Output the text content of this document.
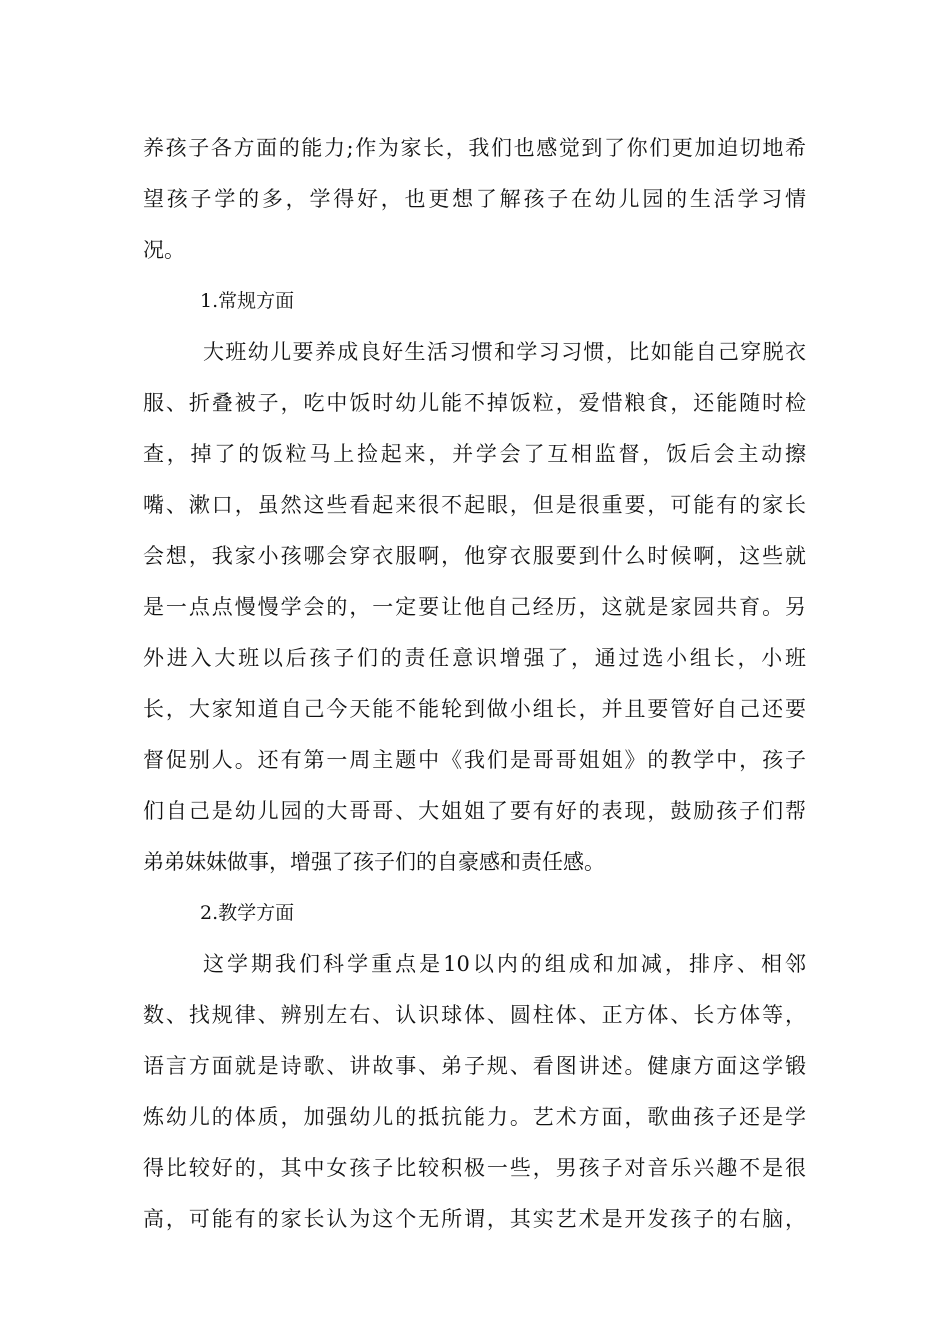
养孩子各方面的能力;作为家长，我们也感觉到了你们更加迫切地希
望孩子学的多，学得好，也更想了解孩子在幼儿园的生活学习情
况。
1.常规方面
大班幼儿要养成良好生活习惯和学习习惯，比如能自己穿脱衣
服、折叠被子，吃中饭时幼儿能不掉饭粒，爱惜粮食，还能随时检
查，掉了的饭粒马上捡起来，并学会了互相监督，饭后会主动擦
嘴、漱口，虽然这些看起来很不起眼，但是很重要，可能有的家长
会想，我家小孩哪会穿衣服啊，他穿衣服要到什么时候啊，这些就
是一点点慢慢学会的，一定要让他自己经历，这就是家园共育。另
外进入大班以后孩子们的责任意识增强了，通过选小组长，小班
长，大家知道自己今天能不能轮到做小组长，并且要管好自己还要
督促别人。还有第一周主题中《我们是哥哥姐姐》的教学中，孩子
们自己是幼儿园的大哥哥、大姐姐了要有好的表现，鼓励孩子们帮
弟弟妹妹做事，增强了孩子们的自豪感和责任感。
2.教学方面
这学期我们科学重点是10以内的组成和加减，排序、相邻
数、找规律、辨别左右、认识球体、圆柱体、正方体、长方体等，
语言方面就是诗歌、讲故事、弟子规、看图讲述。健康方面这学锻
炼幼儿的体质，加强幼儿的抵抗能力。艺术方面，歌曲孩子还是学
得比较好的，其中女孩子比较积极一些，男孩子对音乐兴趣不是很
高，可能有的家长认为这个无所谓，其实艺术是开发孩子的右脑，
